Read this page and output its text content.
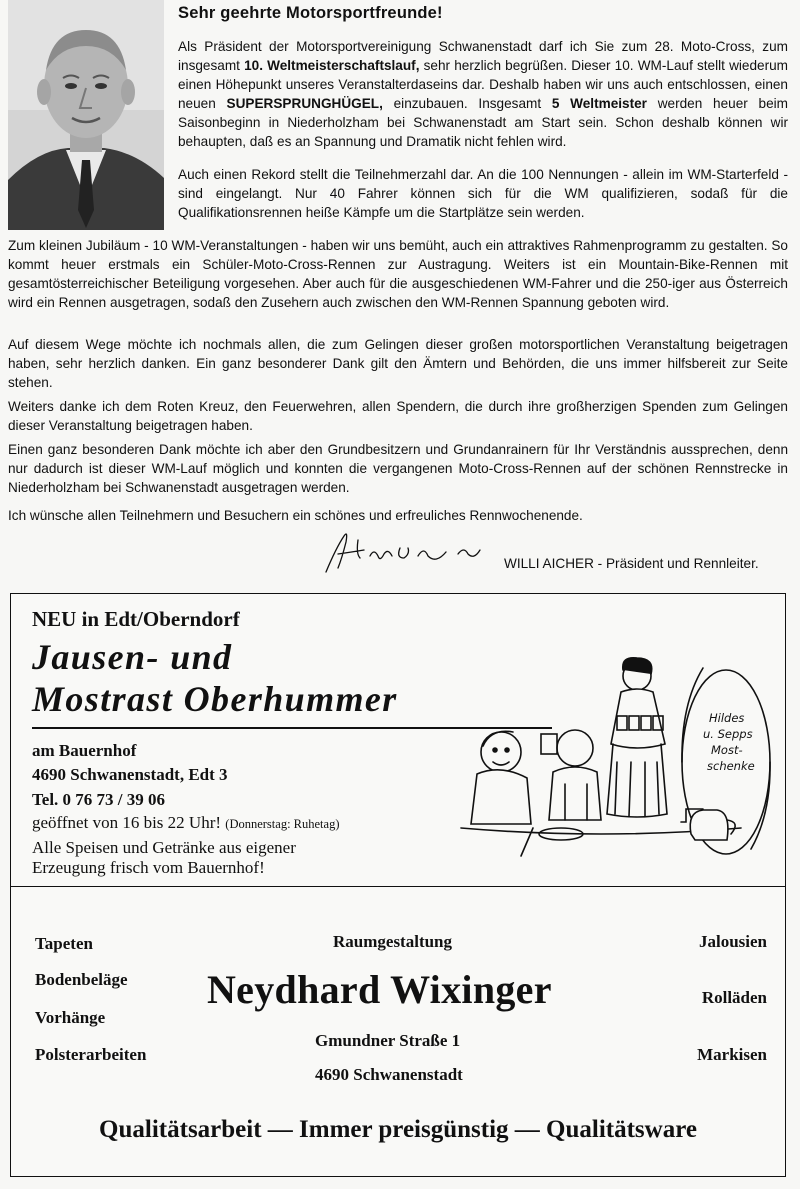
Sehr geehrte Motorsportfreunde!

Als Präsident der Motorsportvereinigung Schwanenstadt darf ich Sie zum 28. Moto-Cross, zum insgesamt 10. Weltmeisterschaftslauf, sehr herzlich begrüßen. Dieser 10. WM-Lauf stellt wiederum einen Höhepunkt unseres Veranstalterdaseins dar. Deshalb haben wir uns auch entschlossen, einen neuen SUPERSPRUNGHÜGEL, einzubauen. Insgesamt 5 Weltmeister werden heuer beim Saisonbeginn in Niederholzham bei Schwanenstadt am Start sein. Schon deshalb können wir behaupten, daß es an Spannung und Dramatik nicht fehlen wird.

Auch einen Rekord stellt die Teilnehmerzahl dar. An die 100 Nennungen - allein im WM-Starterfeld - sind eingelangt. Nur 40 Fahrer können sich für die WM qualifizieren, sodaß für die Qualifikationsrennen heiße Kämpfe um die Startplätze sein werden.

Zum kleinen Jubiläum - 10 WM-Veranstaltungen - haben wir uns bemüht, auch ein attraktives Rahmenprogramm zu gestalten. So kommt heuer erstmals ein Schüler-Moto-Cross-Rennen zur Austragung. Weiters ist ein Mountain-Bike-Rennen mit gesamtösterreichischer Beteiligung vorgesehen. Aber auch für die ausgeschiedenen WM-Fahrer und die 250-iger aus Österreich wird ein Rennen ausgetragen, sodaß den Zusehern auch zwischen den WM-Rennen Spannung geboten wird.

Auf diesem Wege möchte ich nochmals allen, die zum Gelingen dieser großen motorsportlichen Veranstaltung beigetragen haben, sehr herzlich danken. Ein ganz besonderer Dank gilt den Ämtern und Behörden, die uns immer hilfsbereit zur Seite stehen.

Weiters danke ich dem Roten Kreuz, den Feuerwehren, allen Spendern, die durch ihre großherzigen Spenden zum Gelingen dieser Veranstaltung beigetragen haben.

Einen ganz besonderen Dank möchte ich aber den Grundbesitzern und Grundanrainern für Ihr Verständnis aussprechen, denn nur dadurch ist dieser WM-Lauf möglich und konnten die vergangenen Moto-Cross-Rennen auf der schönen Rennstrecke in Niederholzham bei Schwanenstadt ausgetragen werden.

Ich wünsche allen Teilnehmern und Besuchern ein schönes und erfreuliches Rennwochenende.

WILLI AICHER - Präsident und Rennleiter.
NEU in Edt/Oberndorf
Jausen- und
Mostrast Oberhummer
am Bauernhof
4690 Schwanenstadt, Edt 3
Tel. 0 76 73 / 39 06
geöffnet von 16 bis 22 Uhr! (Donnerstag: Ruhetag)
Alle Speisen und Getränke aus eigener
Erzeugung frisch vom Bauernhof!
Hildes
u. Sepps
Most-
schenke
Tapeten
Bodenbeläge
Vorhänge
Polsterarbeiten
Raumgestaltung
Neydhard Wixinger
Gmundner Straße 1
4690 Schwanenstadt
Jalousien
Rolläden
Markisen
Qualitätsarbeit — Immer preisgünstig — Qualitätsware
